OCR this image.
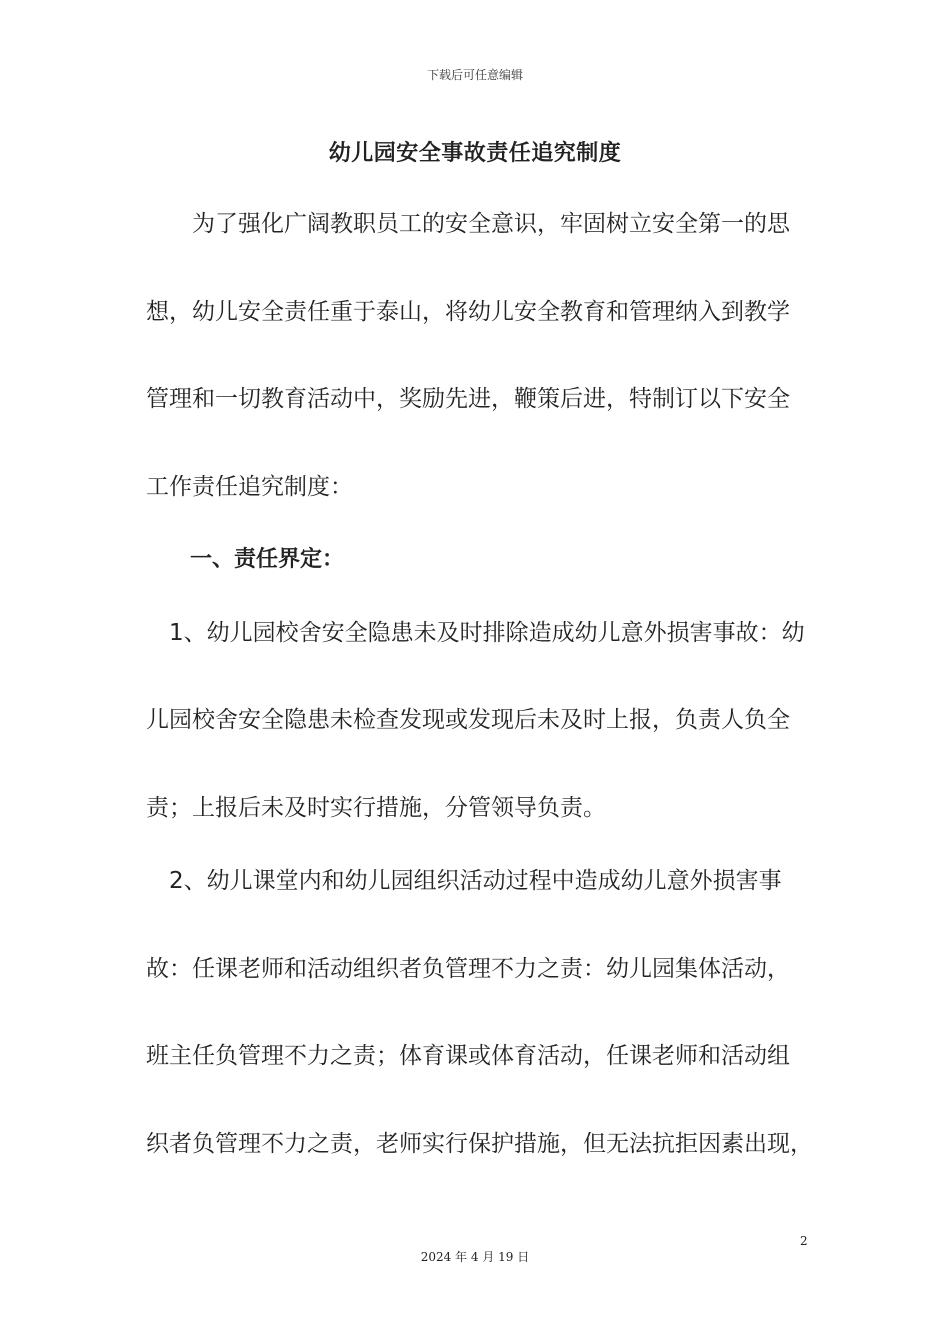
下载后可任意编辑
幼儿园安全事故责任追究制度
　　为了强化广阔教职员工的安全意识，牢固树立安全第一的思
想，幼儿安全责任重于泰山，将幼儿安全教育和管理纳入到教学
管理和一切教育活动中，奖励先进，鞭策后进，特制订以下安全
工作责任追究制度：
一、责任界定：
　1、幼儿园校舍安全隐患未及时排除造成幼儿意外损害事故：幼
儿园校舍安全隐患未检查发现或发现后未及时上报，负责人负全
责；上报后未及时实行措施，分管领导负责。
　2、幼儿课堂内和幼儿园组织活动过程中造成幼儿意外损害事
故：任课老师和活动组织者负管理不力之责：幼儿园集体活动，
班主任负管理不力之责；体育课或体育活动，任课老师和活动组
织者负管理不力之责，老师实行保护措施，但无法抗拒因素出现，
2
2024 年 4 月 19 日
